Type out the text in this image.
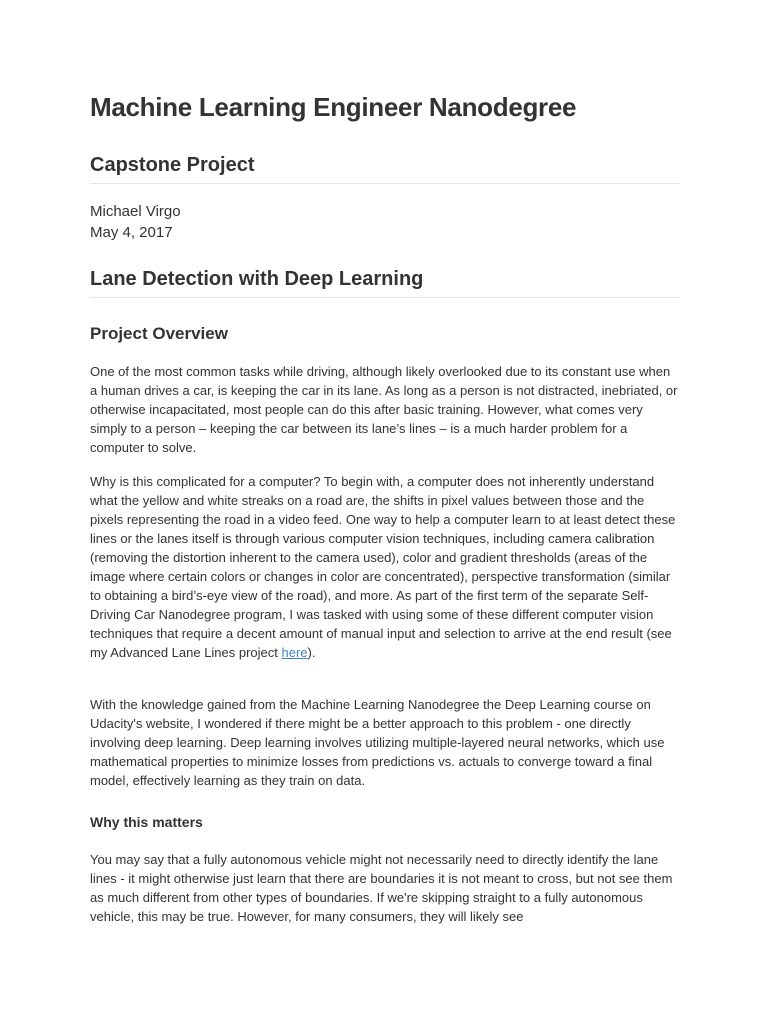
Machine Learning Engineer Nanodegree
Capstone Project
Michael Virgo
May 4, 2017
Lane Detection with Deep Learning
Project Overview

One of the most common tasks while driving, although likely overlooked due to its constant use when a human drives a car, is keeping the car in its lane. As long as a person is not distracted, inebriated, or otherwise incapacitated, most people can do this after basic training. However, what comes very simply to a person – keeping the car between its lane’s lines – is a much harder problem for a computer to solve.

Why is this complicated for a computer? To begin with, a computer does not inherently understand what the yellow and white streaks on a road are, the shifts in pixel values between those and the pixels representing the road in a video feed. One way to help a computer learn to at least detect these lines or the lanes itself is through various computer vision techniques, including camera calibration (removing the distortion inherent to the camera used), color and gradient thresholds (areas of the image where certain colors or changes in color are concentrated), perspective transformation (similar to obtaining a bird’s-eye view of the road), and more. As part of the first term of the separate Self-Driving Car Nanodegree program, I was tasked with using some of these different computer vision techniques that require a decent amount of manual input and selection to arrive at the end result (see my Advanced Lane Lines project here).

With the knowledge gained from the Machine Learning Nanodegree the Deep Learning course on Udacity's website, I wondered if there might be a better approach to this problem - one directly involving deep learning. Deep learning involves utilizing multiple-layered neural networks, which use mathematical properties to minimize losses from predictions vs. actuals to converge toward a final model, effectively learning as they train on data.

Why this matters

You may say that a fully autonomous vehicle might not necessarily need to directly identify the lane lines - it might otherwise just learn that there are boundaries it is not meant to cross, but not see them as much different from other types of boundaries. If we're skipping straight to a fully autonomous vehicle, this may be true. However, for many consumers, they will likely see
